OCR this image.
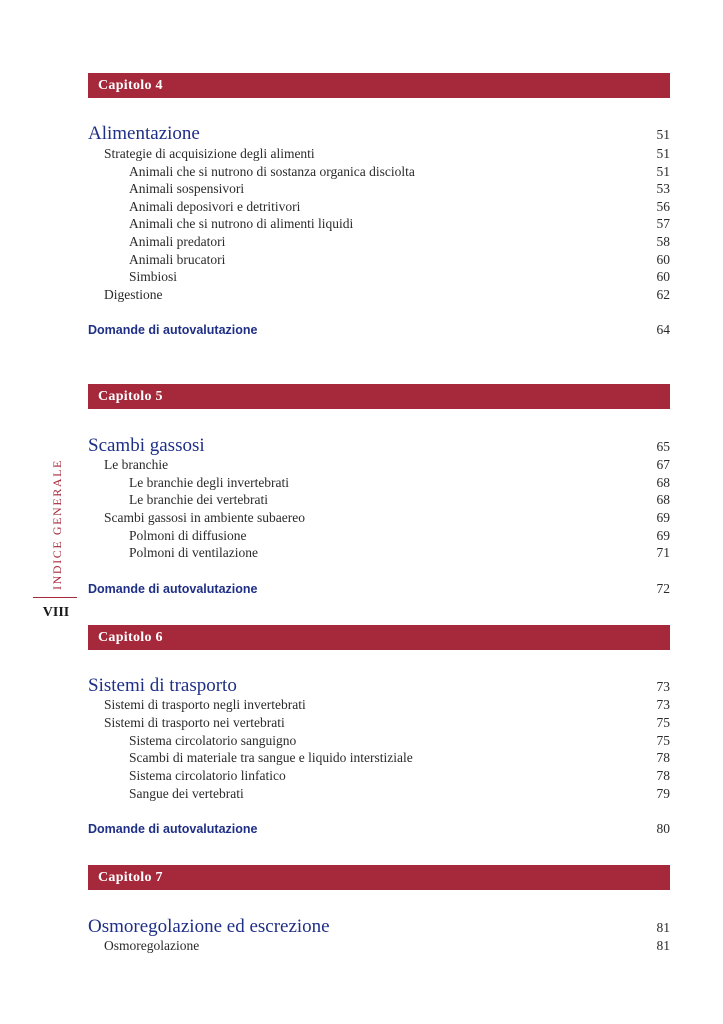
INDICE GENERALE
VIII
Capitolo 4
Alimentazione	51
Strategie di acquisizione degli alimenti	51
Animali che si nutrono di sostanza organica disciolta	51
Animali sospensivori	53
Animali deposivori e detritivori	56
Animali che si nutrono di alimenti liquidi	57
Animali predatori	58
Animali brucatori	60
Simbiosi	60
Digestione	62
Domande di autovalutazione	64
Capitolo 5
Scambi gassosi	65
Le branchie	67
Le branchie degli invertebrati	68
Le branchie dei vertebrati	68
Scambi gassosi in ambiente subaereo	69
Polmoni di diffusione	69
Polmoni di ventilazione	71
Domande di autovalutazione	72
Capitolo 6
Sistemi di trasporto	73
Sistemi di trasporto negli invertebrati	73
Sistemi di trasporto nei vertebrati	75
Sistema circolatorio sanguigno	75
Scambi di materiale tra sangue e liquido interstiziale	78
Sistema circolatorio linfatico	78
Sangue dei vertebrati	79
Domande di autovalutazione	80
Capitolo 7
Osmoregolazione ed escrezione	81
Osmoregolazione	81
